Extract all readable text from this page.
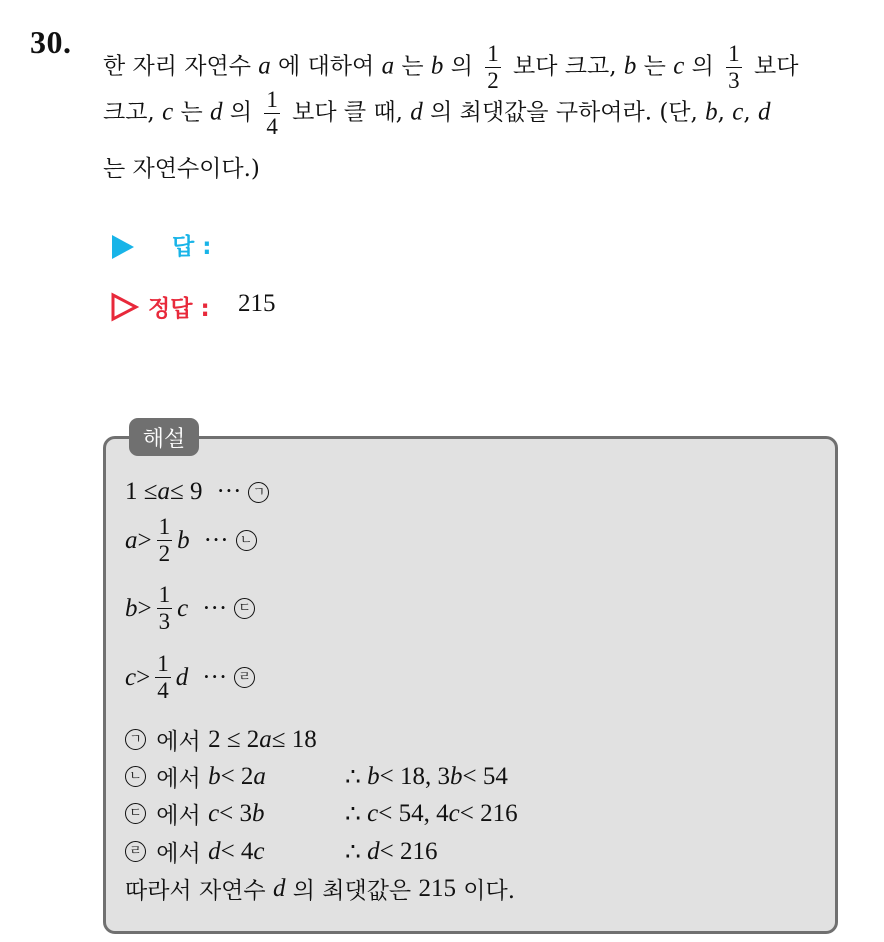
30.
한 자리 자연수 a 에 대하여 a 는 b 의 $\frac{1}{2}$ 보다 크고, b 는 c 의 $\frac{1}{3}$ 보다
크고, c 는 d 의 $\frac{1}{4}$ 보다 클 때, d 의 최댓값을 구하여라. (단, b, c, d
는 자연수이다.)
답 :
정답 : 215
해설
1 ≤ a ≤ 9 ··· ㄱ
$a > \frac{1}{2}$ b ··· ㄴ
$b > \frac{1}{3}$ c ··· ㄷ
$c > \frac{1}{4}$ d ··· ㄹ
ㄱ 에서 2 ≤ 2 a ≤ 18
ㄴ 에서 b < 2 a	∴ b < 18, 3 b < 54
ㄷ 에서 c < 3 b	∴ c < 54, 4 c < 216
ㄹ 에서 d < 4 c	∴ d < 216
따라서 자연수 d 의 최댓값은 215 이다.
